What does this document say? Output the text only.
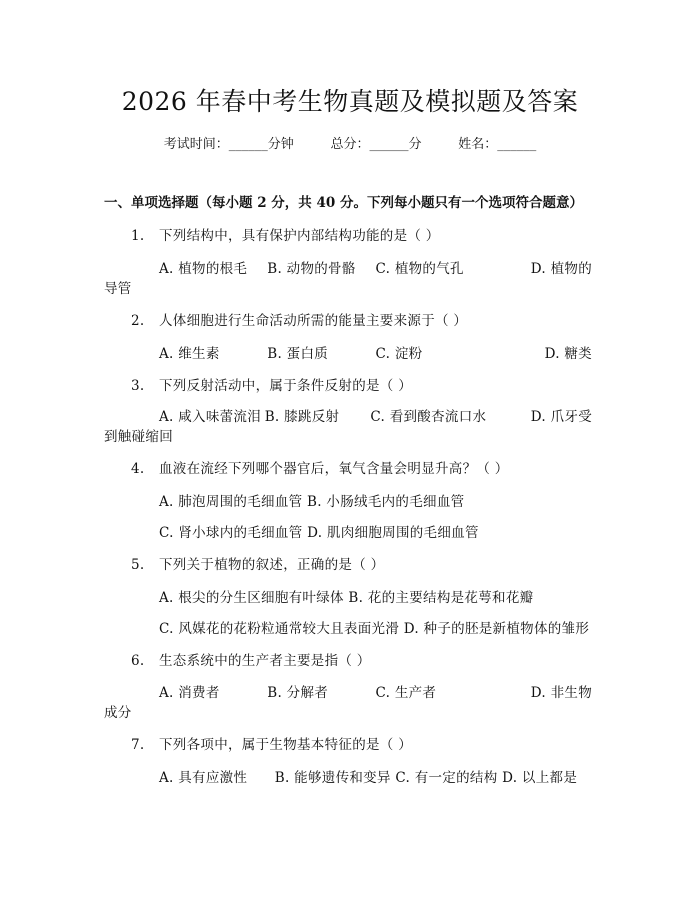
2026 年春中考生物真题及模拟题及答案
考试时间：______分钟      总分：______分      姓名：______
一、单项选择题（每小题 2 分，共 40 分。下列每小题只有一个选项符合题意）
1. 下列结构中，具有保护内部结构功能的是（ ）
A. 植物的根毛	B. 动物的骨骼	C. 植物的气孔	D. 植物的
导管
2. 人体细胞进行生命活动所需的能量主要来源于（ ）
A. 维生素	B. 蛋白质	C. 淀粉	D. 糖类
3. 下列反射活动中，属于条件反射的是（ ）
A. 咸入味蕾流泪 B. 膝跳反射	C. 看到酸杏流口水	D. 爪牙受
到触碰缩回
4. 血液在流经下列哪个器官后，氧气含量会明显升高？（ ）
A. 肺泡周围的毛细血管 B. 小肠绒毛内的毛细血管
C. 肾小球内的毛细血管 D. 肌肉细胞周围的毛细血管
5. 下列关于植物的叙述，正确的是（ ）
A. 根尖的分生区细胞有叶绿体 B. 花的主要结构是花萼和花瓣
C. 风媒花的花粉粒通常较大且表面光滑 D. 种子的胚是新植物体的雏形
6. 生态系统中的生产者主要是指（ ）
A. 消费者	B. 分解者	C. 生产者	D. 非生物
成分
7. 下列各项中，属于生物基本特征的是（ ）
A. 具有应激性      B. 能够遗传和变异 C. 有一定的结构 D. 以上都是
